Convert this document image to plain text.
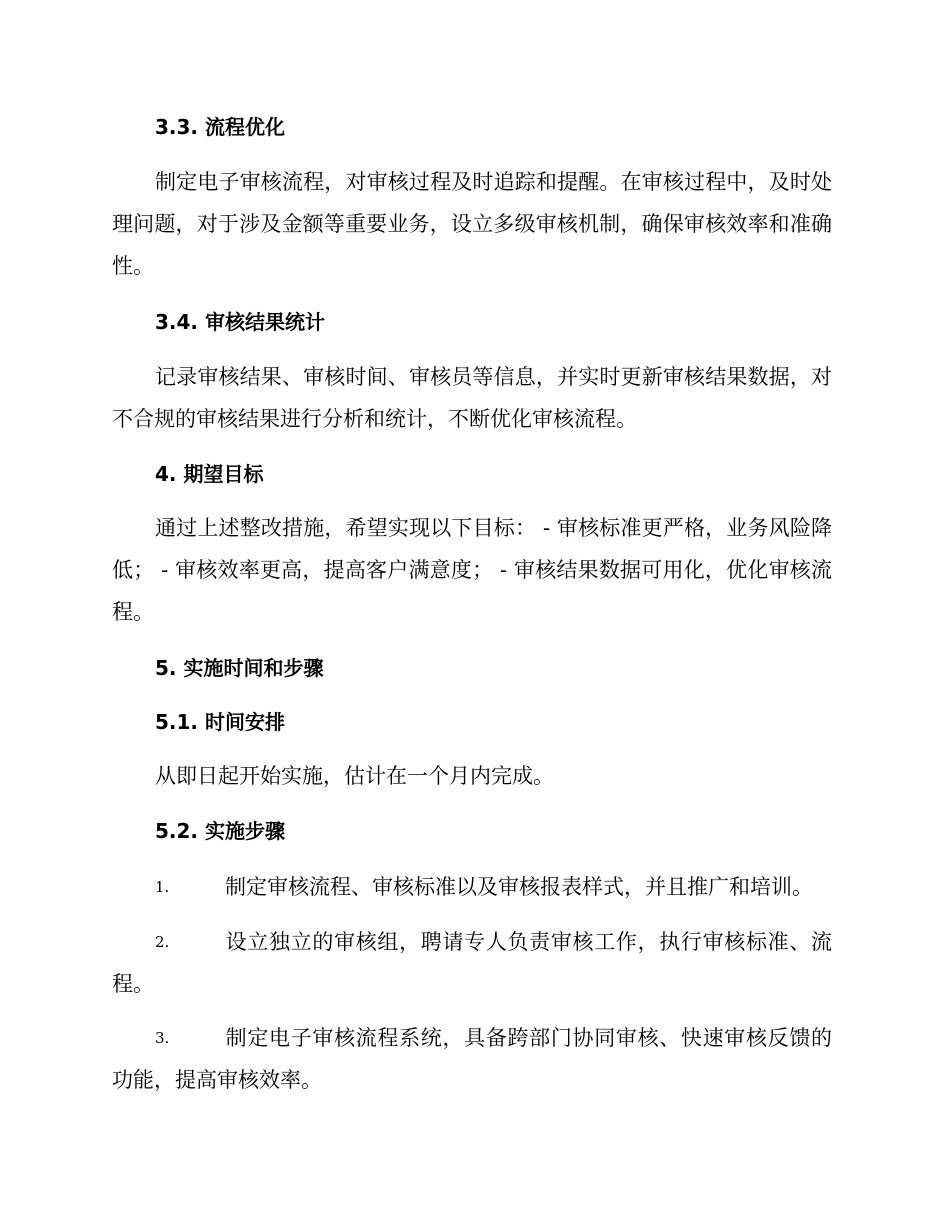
3.3. 流程优化

制定电子审核流程，对审核过程及时追踪和提醒。在审核过程中，及时处理问题，对于涉及金额等重要业务，设立多级审核机制，确保审核效率和准确性。

3.4. 审核结果统计

记录审核结果、审核时间、审核员等信息，并实时更新审核结果数据，对不合规的审核结果进行分析和统计，不断优化审核流程。

4. 期望目标

通过上述整改措施，希望实现以下目标： - 审核标准更严格，业务风险降低； - 审核效率更高，提高客户满意度； - 审核结果数据可用化，优化审核流程。

5. 实施时间和步骤
5.1. 时间安排

从即日起开始实施，估计在一个月内完成。

5.2. 实施步骤

1.	制定审核流程、审核标准以及审核报表样式，并且推广和培训。

2.	设立独立的审核组，聘请专人负责审核工作，执行审核标准、流程。

3.	制定电子审核流程系统，具备跨部门协同审核、快速审核反馈的功能，提高审核效率。
